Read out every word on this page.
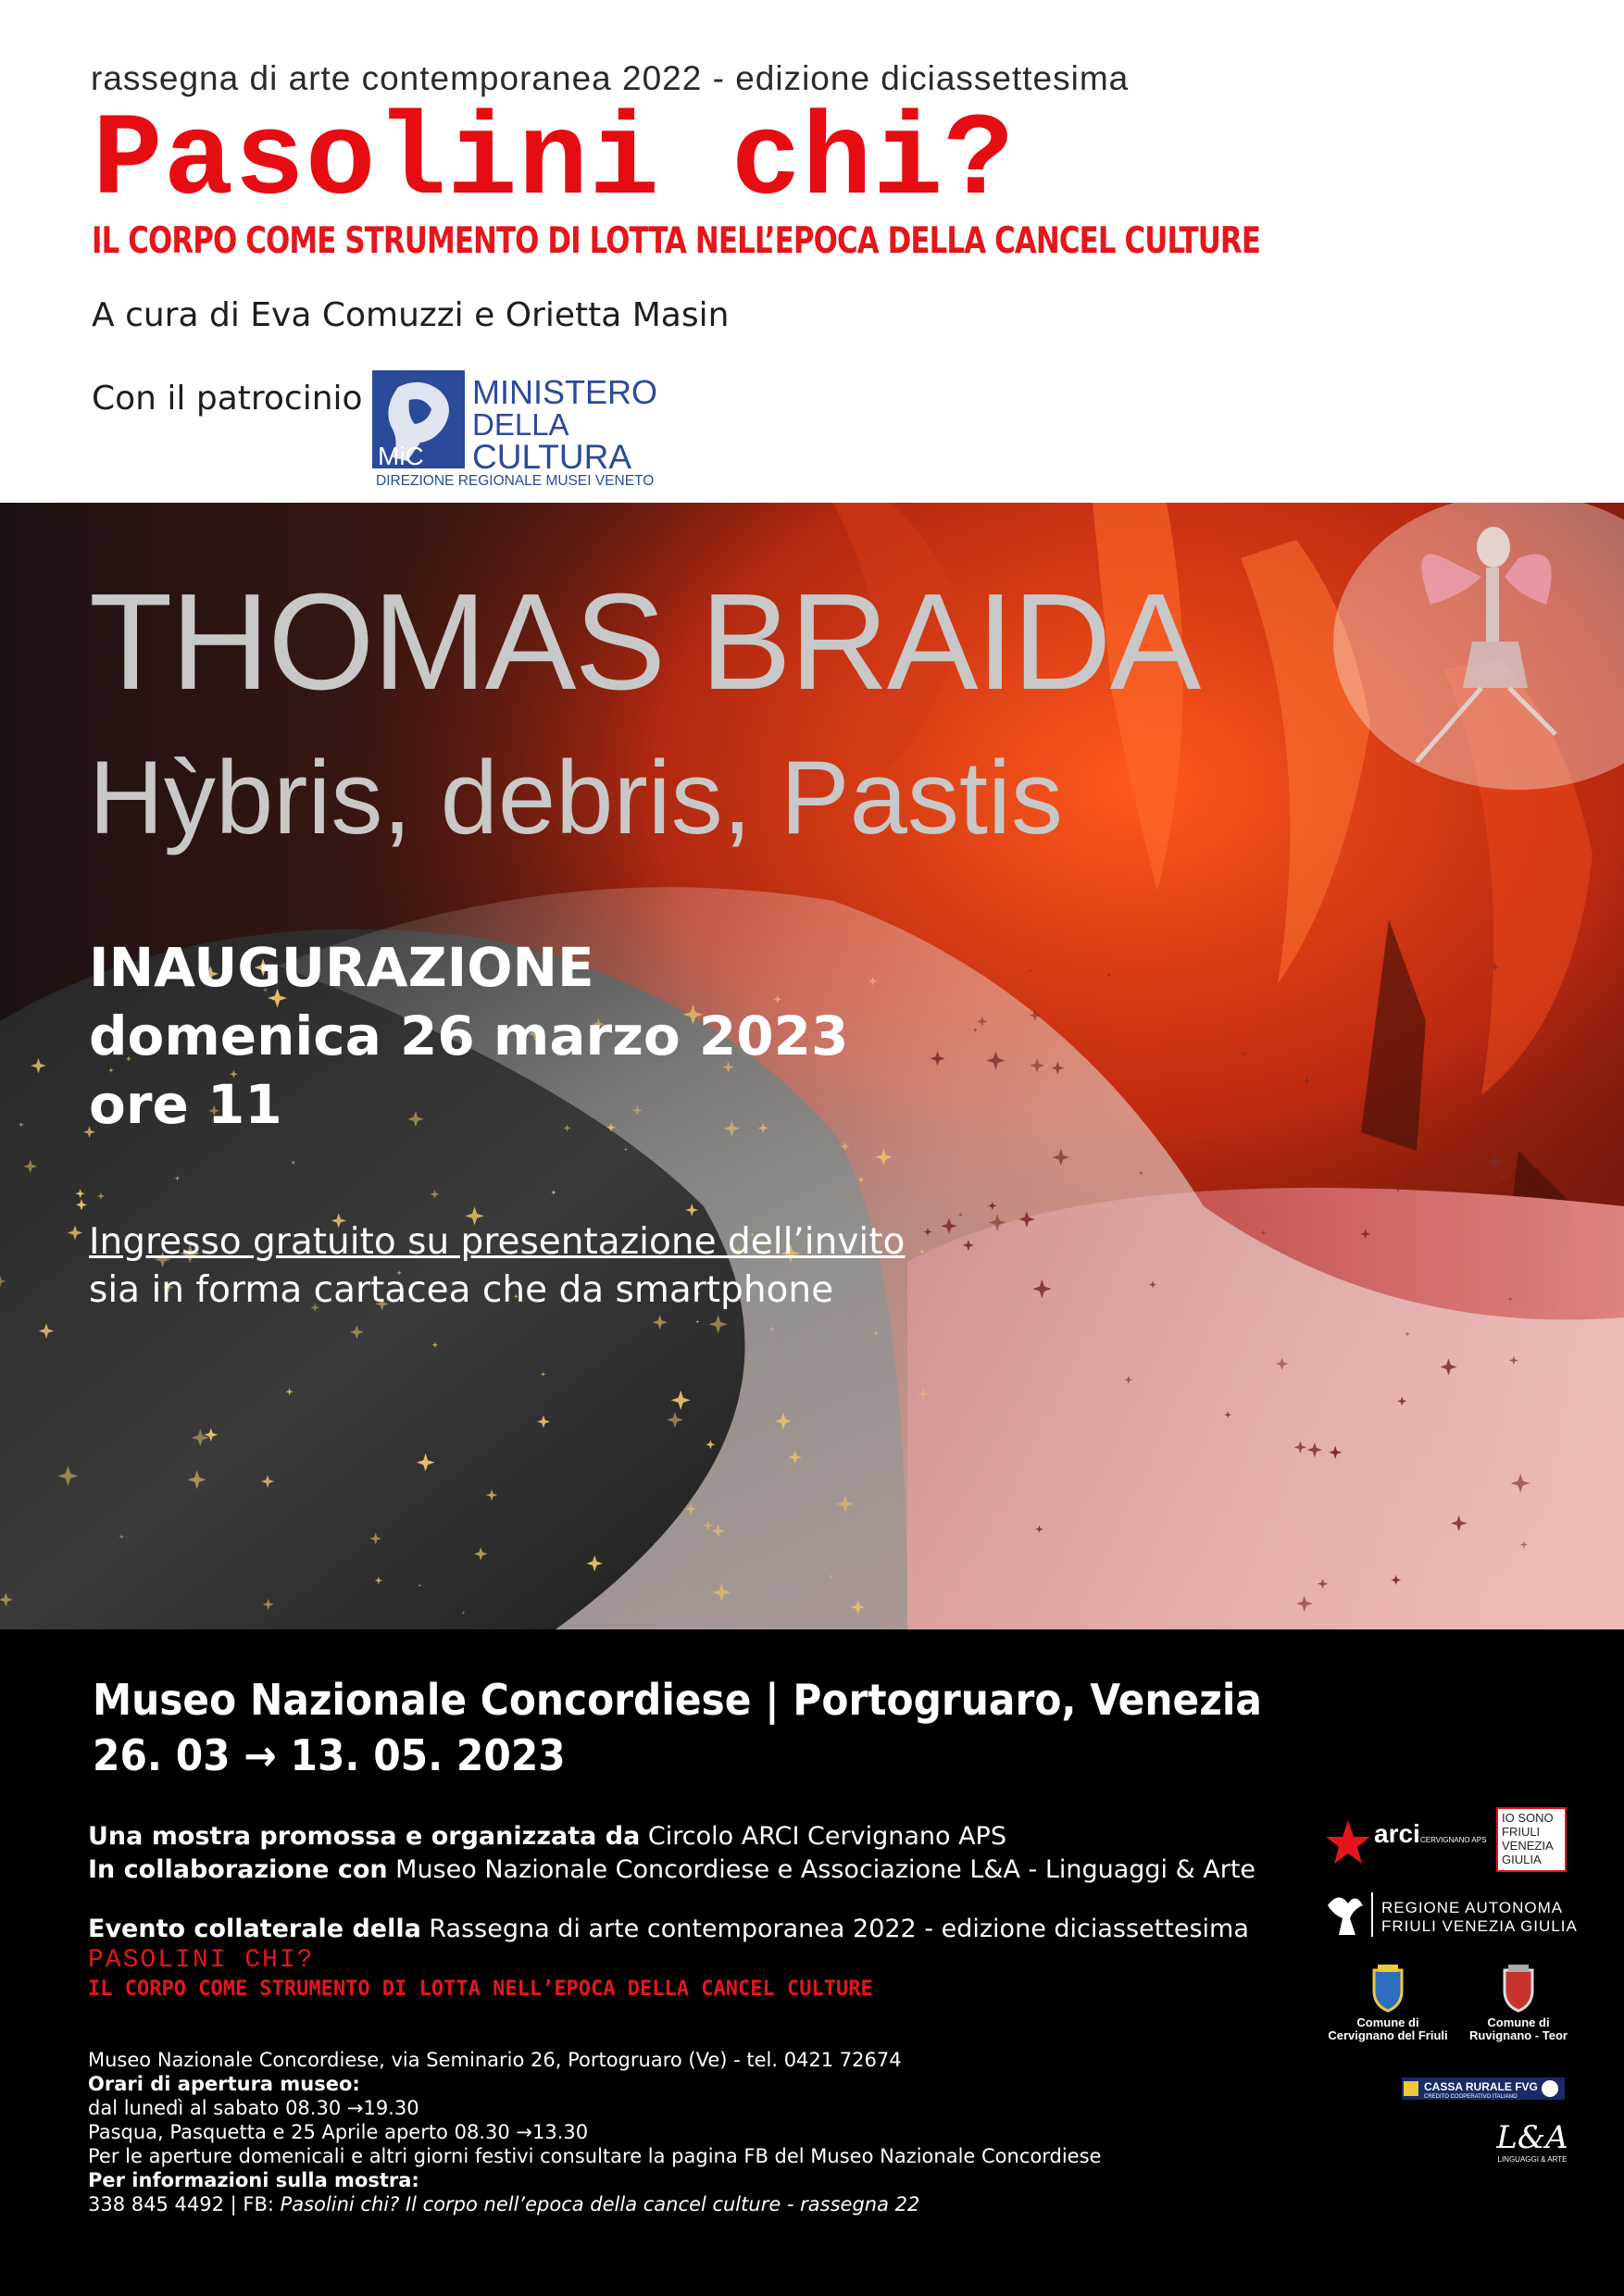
rassegna di arte contemporanea 2022 - edizione diciassettesima
Pasolini chi?
IL CORPO COME STRUMENTO DI LOTTA NELL’EPOCA DELLA CANCEL CULTURE
A cura di Eva Comuzzi e Orietta Masin
Con il patrocinio
MiC
MINISTERO
DELLA
CULTURA
DIREZIONE REGIONALE MUSEI VENETO
THOMAS BRAIDA
Hỳbris, debris, Pastis
INAUGURAZIONE
domenica 26 marzo 2023
ore 11
Ingresso gratuito su presentazione dell’invito
sia in forma cartacea che da smartphone
Museo Nazionale Concordiese | Portogruaro, Venezia
26. 03 → 13. 05. 2023
Una mostra promossa e organizzata da Circolo ARCI Cervignano APS
In collaborazione con Museo Nazionale Concordiese e Associazione L&A - Linguaggi & Arte
Evento collaterale della Rassegna di arte contemporanea 2022 - edizione diciassettesima
PASOLINI CHI?
IL CORPO COME STRUMENTO DI LOTTA NELL’EPOCA DELLA CANCEL CULTURE
Museo Nazionale Concordiese, via Seminario 26, Portogruaro (Ve) - tel. 0421 72674
Orari di apertura museo:
dal lunedì al sabato 08.30 →19.30
Pasqua, Pasquetta e 25 Aprile aperto 08.30 →13.30
Per le aperture domenicali e altri giorni festivi consultare la pagina FB del Museo Nazionale Concordiese
Per informazioni sulla mostra:
338 845 4492 | FB: Pasolini chi? Il corpo nell’epoca della cancel culture - rassegna 22
arci CERVIGNANO APS
IO SONO
FRIULI
VENEZIA
GIULIA
REGIONE AUTONOMA
FRIULI VENEZIA GIULIA
Comune di
Cervignano del Friuli
Comune di
Ruvignano - Teor
CASSA RURALE FVG
CREDITO COOPERATIVO ITALIANO
L&A
LINGUAGGI & ARTE
